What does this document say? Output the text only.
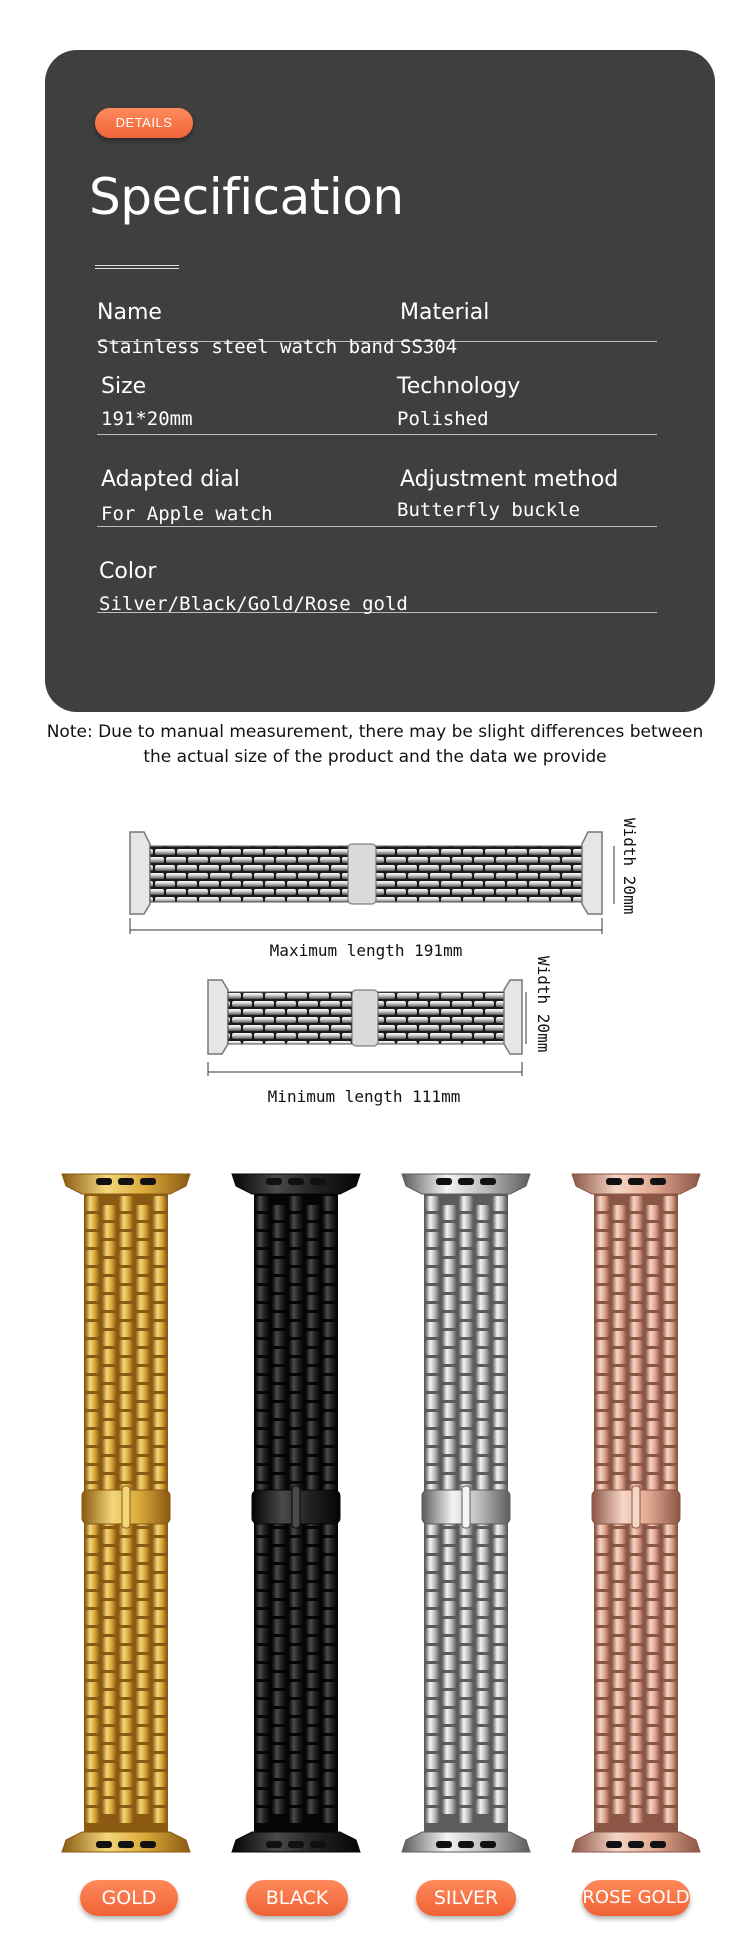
DETAILS
Specification
Name
Stainless steel watch band
Material
SS304
Size
191*20mm
Technology
Polished
Adapted dial
For Apple watch
Adjustment method
Butterfly buckle
Color
Silver/Black/Gold/Rose gold
Note: Due to manual measurement, there may be slight differences between
the actual size of the product and the data we provide
Maximum length 191mm
Width 20mm
Minimum length 111mm
Width 20mm
GOLD	BLACK	SILVER	ROSE GOLD
